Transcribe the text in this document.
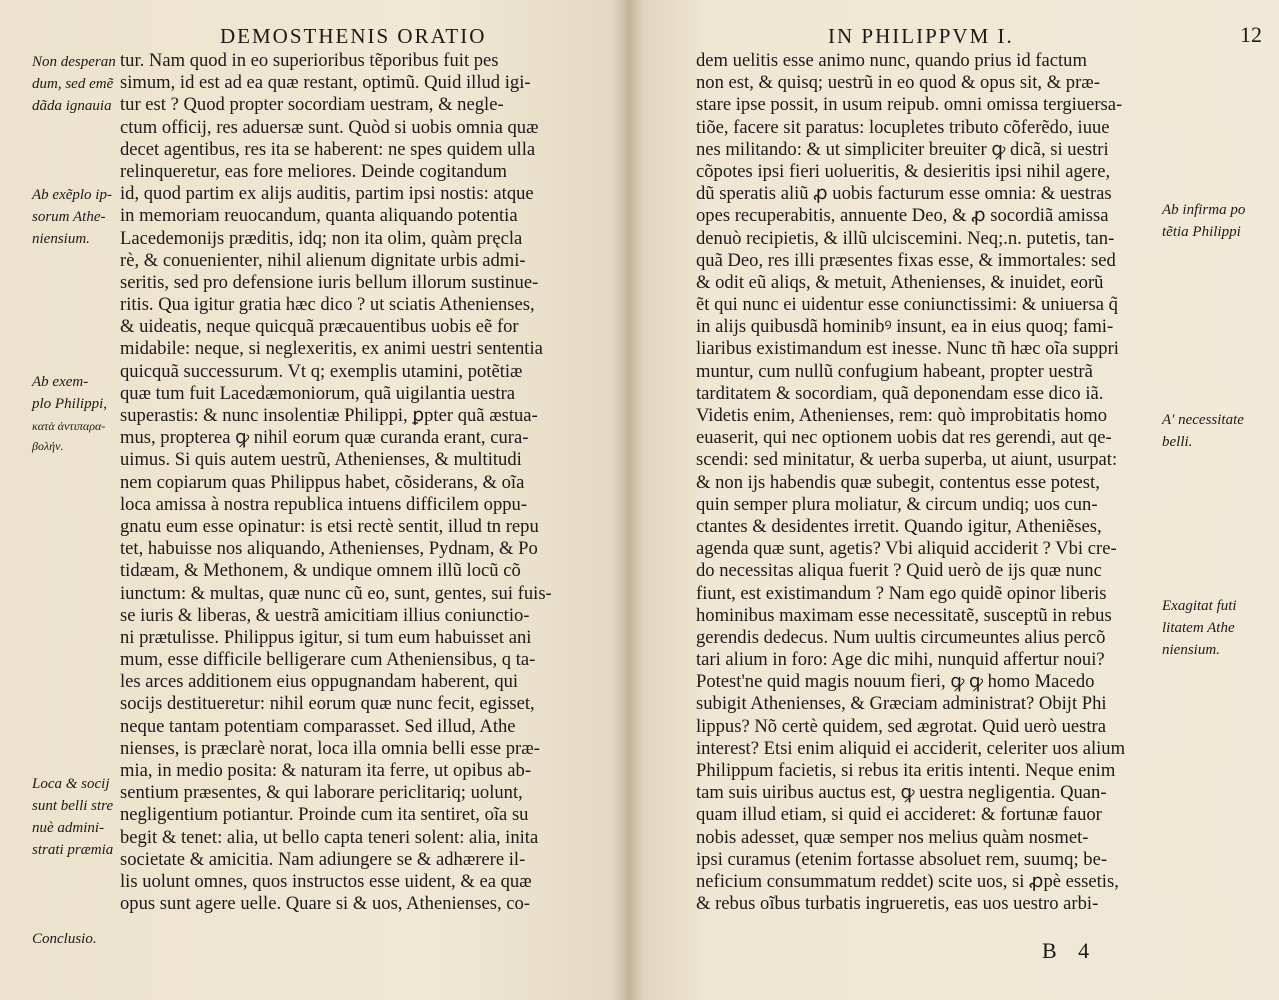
DEMOSTHENIS ORATIO
Non desperan
dum, sed emẽ
dãda ignauia
Ab exẽplo ip-
sorum Athe-
niensium.
Ab exem-
plo Philippi,
κατὰ ἀντιπαρα-
βολήν.
Loca & socij
sunt belli stre
nuè admini-
strati præmia
Conclusio.
tur. Nam quod in eo superioribus tẽporibus fuit pes
simum, id est ad ea quæ restant, optimũ. Quid illud igi-
tur est ? Quod propter socordiam uestram, & negle-
ctum officij, res aduersæ sunt. Quòd si uobis omnia quæ
decet agentibus, res ita se haberent: ne spes quidem ulla
relinqueretur, eas fore meliores. Deinde cogitandum
id, quod partim ex alijs auditis, partim ipsi nostis: atque
in memoriam reuocandum, quanta aliquando potentia
Lacedemonijs præditis, idq; non ita olim, quàm pręcla
rè, & conuenienter, nihil alienum dignitate urbis admi-
seritis, sed pro defensione iuris bellum illorum sustinue-
ritis. Qua igitur gratia hæc dico ? ut sciatis Athenienses,
& uideatis, neque quicquã præcauentibus uobis eẽ for
midabile: neque, si neglexeritis, ex animi uestri sententia
quicquã successurum. Vt q; exemplis utamini, potẽtiæ
quæ tum fuit Lacedæmoniorum, quã uigilantia uestra
superastis: & nunc insolentiæ Philippi, ꝑpter quã æstua-
mus, propterea ꝙ nihil eorum quæ curanda erant, cura-
uimus. Si quis autem uestrũ, Athenienses, & multitudi
nem copiarum quas Philippus habet, cõsiderans, & oĩa
loca amissa à nostra republica intuens difficilem oppu-
gnatu eum esse opinatur: is etsi rectè sentit, illud tn repu
tet, habuisse nos aliquando, Athenienses, Pydnam, & Po
tidæam, & Methonem, & undique omnem illũ locũ cõ
iunctum: & multas, quæ nunc cũ eo, sunt, gentes, sui fuis-
se iuris & liberas, & uestrã amicitiam illius coniunctio-
ni prætulisse. Philippus igitur, si tum eum habuisset ani
mum, esse difficile belligerare cum Atheniensibus, q ta-
les arces additionem eius oppugnandam haberent, qui
socijs destitueretur: nihil eorum quæ nunc fecit, egisset,
neque tantam potentiam comparasset. Sed illud, Athe
nienses, is præclarè norat, loca illa omnia belli esse præ-
mia, in medio posita: & naturam ita ferre, ut opibus ab-
sentium præsentes, & qui laborare periclitariq; uolunt,
negligentium potiantur. Proinde cum ita sentiret, oĩa su
begit & tenet: alia, ut bello capta teneri solent: alia, inita
societate & amicitia. Nam adiungere se & adhærere il-
lis uolunt omnes, quos instructos esse uident, & ea quæ
opus sunt agere uelle. Quare si & uos, Athenienses, co-
IN PHILIPPVM I.	12
Ab infirma po
tẽtia Philippi
A' necessitate
belli.
Exagitat futi
litatem Athe
niensium.
dem uelitis esse animo nunc, quando prius id factum
non est, & quisq; uestrũ in eo quod & opus sit, & præ-
stare ipse possit, in usum reipub. omni omissa tergiuersa-
tiõe, facere sit paratus: locupletes tributo cõferẽdo, iuue
nes militando: & ut simpliciter breuiter ꝙ dicã, si uestri
cõpotes ipsi fieri uolueritis, & desieritis ipsi nihil agere,
dũ speratis aliũ ꝓ uobis facturum esse omnia: & uestras
opes recuperabitis, annuente Deo, & ꝓ socordiã amissa
denuò recipietis, & illũ ulciscemini. Neq;.n. putetis, tan-
quã Deo, res illi præsentes fixas esse, & immortales: sed
& odit eũ aliqs, & metuit, Athenienses, & inuidet, eorũ
ẽt qui nunc ei uidentur esse coniunctissimi: & uniuersa q̃
in alijs quibusdã hominibꝰ insunt, ea in eius quoq; fami-
liaribus existimandum est inesse. Nunc tñ hæc oĩa suppri
muntur, cum nullũ confugium habeant, propter uestrã
tarditatem & socordiam, quã deponendam esse dico iã.
Videtis enim, Athenienses, rem: quò improbitatis homo
euaserit, qui nec optionem uobis dat res gerendi, aut qe-
scendi: sed minitatur, & uerba superba, ut aiunt, usurpat:
& non ijs habendis quæ subegit, contentus esse potest,
quin semper plura moliatur, & circum undiq; uos cun-
ctantes & desidentes irretit. Quando igitur, Atheniẽses,
agenda quæ sunt, agetis? Vbi aliquid acciderit ? Vbi cre-
do necessitas aliqua fuerit ? Quid uerò de ijs quæ nunc
fiunt, est existimandum ? Nam ego quidẽ opinor liberis
hominibus maximam esse necessitatẽ, susceptũ in rebus
gerendis dedecus. Num uultis circumeuntes alius percõ
tari alium in foro: Age dic mihi, nunquid affertur noui?
Potest'ne quid magis nouum fieri, ꝙ ꝙ homo Macedo
subigit Athenienses, & Græciam administrat? Obijt Phi
lippus? Nõ certè quidem, sed ægrotat. Quid uerò uestra
interest? Etsi enim aliquid ei acciderit, celeriter uos alium
Philippum facietis, si rebus ita eritis intenti. Neque enim
tam suis uiribus auctus est, ꝙ uestra negligentia. Quan-
quam illud etiam, si quid ei accideret: & fortunæ fauor
nobis adesset, quæ semper nos melius quàm nosmet-
ipsi curamus (etenim fortasse absoluet rem, suumq; be-
neficium consummatum reddet) scite uos, si ꝓpè essetis,
& rebus oĩbus turbatis ingrueretis, eas uos uestro arbi-
B 4
